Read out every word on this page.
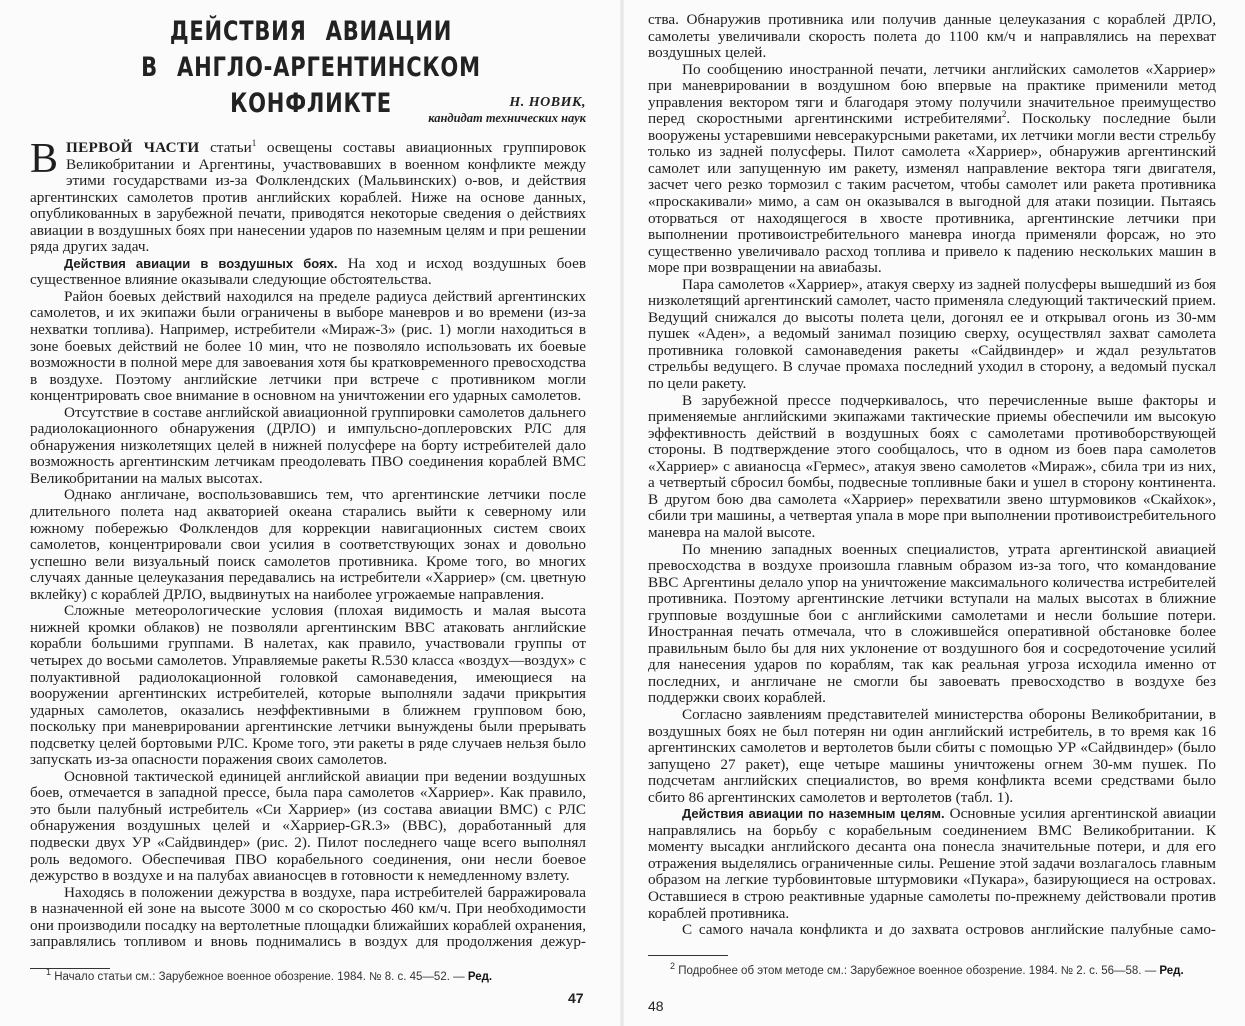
ДЕЙСТВИЯ АВИАЦИИ
В АНГЛО-АРГЕНТИНСКОМ КОНФЛИКТЕ	Н. НОВИК,
кандидат технических наук

ВПЕРВОЙ ЧАСТИ статьи$^1$ освещены составы авиационных группировок Великобритании и Аргентины, участвовавших в военном конфликте между этими государствами из-за Фолклендских (Мальвинских) о-вов, и действия аргентинских самолетов против английских кораблей. Ниже на основе данных, опубликованных в зарубежной печати, приводятся некоторые сведения о действиях авиации в воздушных боях при нанесении ударов по наземным целям и при решении ряда других задач.

Действия авиации в воздушных боях. На ход и исход воздушных боев существенное влияние оказывали следующие обстоятельства.

Район боевых действий находился на пределе радиуса действий аргентинских самолетов, и их экипажи были ограничены в выборе маневров и во времени (из-за нехватки топлива). Например, истребители «Мираж-3» (рис. 1) могли находиться в зоне боевых действий не более 10 мин, что не позволяло использовать их боевые возможности в полной мере для завоевания хотя бы кратковременного превосходства в воздухе. Поэтому английские летчики при встрече с противником могли концентрировать свое внимание в основном на уничтожении его ударных самолетов.

Отсутствие в составе английской авиационной группировки самолетов дальнего радиолокационного обнаружения (ДРЛО) и импульсно-доплеровских РЛС для обнаружения низколетящих целей в нижней полусфере на борту истребителей дало возможность аргентинским летчикам преодолевать ПВО соединения кораблей ВМС Великобритании на малых высотах.

Однако англичане, воспользовавшись тем, что аргентинские летчики после длительного полета над акваторией океана старались выйти к северному или южному побережью Фолклендов для коррекции навигационных систем своих самолетов, концентрировали свои усилия в соответствующих зонах и довольно успешно вели визуальный поиск самолетов противника. Кроме того, во многих случаях данные целеуказания передавались на истребители «Харриер» (см. цветную вклейку) с кораблей ДРЛО, выдвинутых на наиболее угрожаемые направления.

Сложные метеорологические условия (плохая видимость и малая высота нижней кромки облаков) не позволяли аргентинским ВВС атаковать английские корабли большими группами. В налетах, как правило, участвовали группы от четырех до восьми самолетов. Управляемые ракеты R.530 класса «воздух—воздух» с полуактивной радиолокационной головкой самонаведения, имеющиеся на вооружении аргентинских истребителей, которые выполняли задачи прикрытия ударных самолетов, оказались неэффективными в ближнем групповом бою, поскольку при маневрировании аргентинские летчики вынуждены были прерывать подсветку целей бортовыми РЛС. Кроме того, эти ракеты в ряде случаев нельзя было запускать из-за опасности поражения своих самолетов.

Основной тактической единицей английской авиации при ведении воздушных боев, отмечается в западной прессе, была пара самолетов «Харриер». Как правило, это были палубный истребитель «Си Харриер» (из состава авиации ВМС) с РЛС обнаружения воздушных целей и «Харриер-GR.3» (ВВС), доработанный для подвески двух УР «Сайдвиндер» (рис. 2). Пилот последнего чаще всего выполнял роль ведомого. Обеспечивая ПВО корабельного соединения, они несли боевое дежурство в воздухе и на палубах авианосцев в готовности к немедленному взлету.

Находясь в положении дежурства в воздухе, пара истребителей барражировала в назначенной ей зоне на высоте 3000 м со скоростью 460 км/ч. При необходимости они производили посадку на вертолетные площадки ближайших кораблей охранения, заправлялись топливом и вновь поднимались в воздух для продолжения дежур-

$^1$ Начало статьи см.: Зарубежное военное обозрение. 1984. № 8. с. 45—52. — Ред.
47

ства. Обнаружив противника или получив данные целеуказания с кораблей ДРЛО, самолеты увеличивали скорость полета до 1100 км/ч и направлялись на перехват воздушных целей.

По сообщению иностранной печати, летчики английских самолетов «Харриер» при маневрировании в воздушном бою впервые на практике применили метод управления вектором тяги и благодаря этому получили значительное преимущество перед скоростными аргентинскими истребителями$^2$. Поскольку последние были вооружены устаревшими невсеракурсными ракетами, их летчики могли вести стрельбу только из задней полусферы. Пилот самолета «Харриер», обнаружив аргентинский самолет или запущенную им ракету, изменял направление вектора тяги двигателя, засчет чего резко тормозил с таким расчетом, чтобы самолет или ракета противника «проскакивали» мимо, а сам он оказывался в выгодной для атаки позиции. Пытаясь оторваться от находящегося в хвосте противника, аргентинские летчики при выполнении противоистребительного маневра иногда применяли форсаж, но это существенно увеличивало расход топлива и привело к падению нескольких машин в море при возвращении на авиабазы.

Пара самолетов «Харриер», атакуя сверху из задней полусферы вышедший из боя низколетящий аргентинский самолет, часто применяла следующий тактический прием. Ведущий снижался до высоты полета цели, догонял ее и открывал огонь из 30-мм пушек «Аден», а ведомый занимал позицию сверху, осуществлял захват самолета противника головкой самонаведения ракеты «Сайдвиндер» и ждал результатов стрельбы ведущего. В случае промаха последний уходил в сторону, а ведомый пускал по цели ракету.

В зарубежной прессе подчеркивалось, что перечисленные выше факторы и применяемые английскими экипажами тактические приемы обеспечили им высокую эффективность действий в воздушных боях с самолетами противоборствующей стороны. В подтверждение этого сообщалось, что в одном из боев пара самолетов «Харриер» с авианосца «Гермес», атакуя звено самолетов «Мираж», сбила три из них, а четвертый сбросил бомбы, подвесные топливные баки и ушел в сторону континента. В другом бою два самолета «Харриер» перехватили звено штурмовиков «Скайхок», сбили три машины, а четвертая упала в море при выполнении противоистребительного маневра на малой высоте.

По мнению западных военных специалистов, утрата аргентинской авиацией превосходства в воздухе произошла главным образом из-за того, что командование ВВС Аргентины делало упор на уничтожение максимального количества истребителей противника. Поэтому аргентинские летчики вступали на малых высотах в ближние групповые воздушные бои с английскими самолетами и несли большие потери. Иностранная печать отмечала, что в сложившейся оперативной обстановке более правильным было бы для них уклонение от воздушного боя и сосредоточение усилий для нанесения ударов по кораблям, так как реальная угроза исходила именно от последних, и англичане не смогли бы завоевать превосходство в воздухе без поддержки своих кораблей.

Согласно заявлениям представителей министерства обороны Великобритании, в воздушных боях не был потерян ни один английский истребитель, в то время как 16 аргентинских самолетов и вертолетов были сбиты с помощью УР «Сайдвиндер» (было запущено 27 ракет), еще четыре машины уничтожены огнем 30-мм пушек. По подсчетам английских специалистов, во время конфликта всеми средствами было сбито 86 аргентинских самолетов и вертолетов (табл. 1).

Действия авиации по наземным целям. Основные усилия аргентинской авиации направлялись на борьбу с корабельным соединением ВМС Великобритании. К моменту высадки английского десанта она понесла значительные потери, и для его отражения выделялись ограниченные силы. Решение этой задачи возлагалось главным образом на легкие турбовинтовые штурмовики «Пукара», базирующиеся на островах. Оставшиеся в строю реактивные ударные самолеты по-прежнему действовали против кораблей противника.

С самого начала конфликта и до захвата островов английские палубные само-

$^2$ Подробнее об этом методе см.: Зарубежное военное обозрение. 1984. № 2. с. 56—58. — Ред.
48
